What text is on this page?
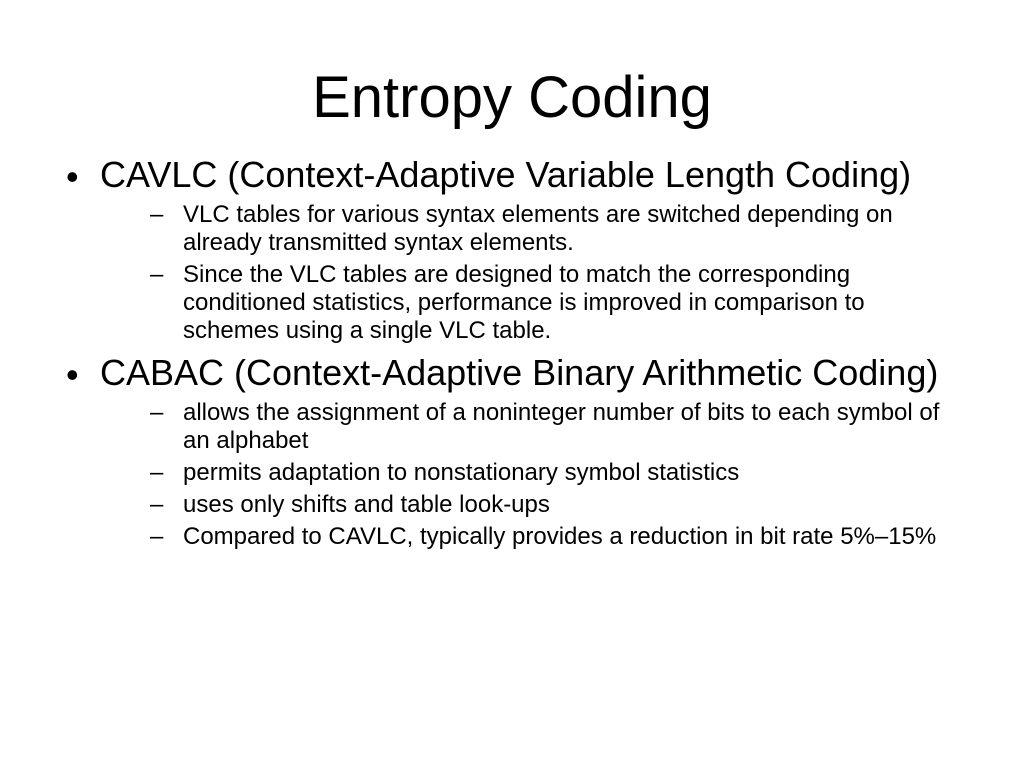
Entropy Coding
• CAVLC (Context-Adaptive Variable Length Coding)
– VLC tables for various syntax elements are switched depending on already transmitted syntax elements.
– Since the VLC tables are designed to match the corresponding conditioned statistics, performance is improved in comparison to schemes using a single VLC table.
• CABAC (Context-Adaptive Binary Arithmetic Coding)
– allows the assignment of a noninteger number of bits to each symbol of an alphabet
– permits adaptation to nonstationary symbol statistics
– uses only shifts and table look-ups
– Compared to CAVLC, typically provides a reduction in bit rate 5%–15%
